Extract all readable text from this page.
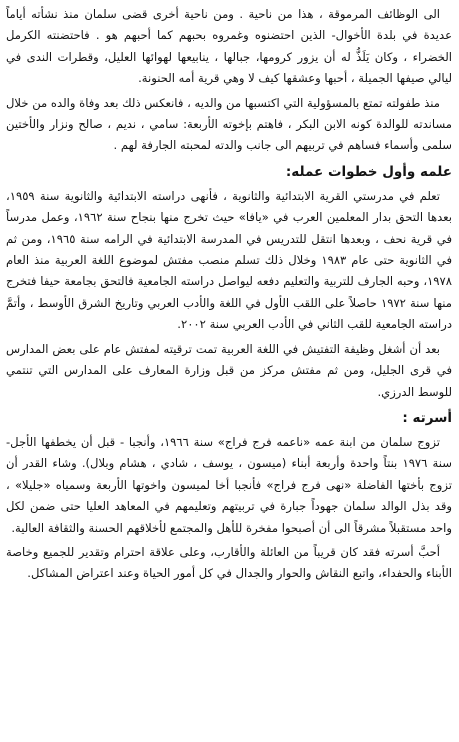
الى الوظائف المرموقة ، هذا من ناحية . ومن ناحية أخرى قضى سلمان منذ نشأته أياماً عديدة في بلدة الأخوال- الذين احتضنوه وغمروه بحبهم كما أحبهم هو . فاحتضنته الكرمل الخضراء ، وكان يَلَذُّ له أن يزور كرومها، جبالها ، ينابيعها لهوائها العليل، وقطرات الندى في ليالي صيفها الجميلة ، أحبها وعشقها كيف لا وهي قرية أمه الحنونة.

منذ طفولته تمتع بالمسؤولية التي اكتسبها من والديه ، فانعكس ذلك بعد وفاة والده من خلال مساندته للوالدة كونه الابن البكر ، فاهتم بإخوته الأربعة: سامي ، نديم ، صالح ونزار والأختين سلمى وأسماء فساهم في تربيهم الى جانب والدته لمحبته الجارفة لهم .

علمه وأول خطوات عمله:

تعلم في مدرستي القرية الابتدائية والثانوية ، فأنهى دراسته الابتدائية والثانوية سنة ١٩٥٩، بعدها التحق بدار المعلمين العرب في «يافا» حيث تخرج منها بنجاح سنة ١٩٦٢، وعمل مدرساً في قرية نحف ، وبعدها انتقل للتدريس في المدرسة الابتدائية في الرامه سنة ١٩٦٥، ومن ثم في الثانوية حتى عام ١٩٨٣ وخلال ذلك تسلم منصب مفتش لموضوع اللغة العربية منذ العام ١٩٧٨، وحبه الجارف للتربية والتعليم دفعه ليواصل دراسته الجامعية فالتحق بجامعة حيفا فتخرج منها سنة ١٩٧٢ حاصلاً على اللقب الأول في اللغة والأدب العربي وتاريخ الشرق الأوسط ، وأتمَّ دراسته الجامعية للقب الثاني في الأدب العربي سنة ٢٠٠٢.

بعد أن أشغل وظيفة التفتيش في اللغة العربية تمت ترقيته لمفتش عام على بعض المدارس في قرى الجليل، ومن ثم مفتش مركز من قبل وزارة المعارف على المدارس التي تنتمي للوسط الدرزي.

أسرته :

تزوج سلمان من ابنة عمه «ناعمه فرج فراج» سنة ١٩٦٦، وأنجبا - قبل أن يخطفها الأجل- سنة ١٩٧٦ بنتاً واحدة وأربعة أبناء (ميسون ، يوسف ، شادي ، هشام وبلال). وشاء القدر أن تزوج بأختها الفاضلة «نهى فرج فراج» فأنجبا أخا لميسون واخوتها الأربعة وسمياه «جليلا» ، وقد بذل الوالد سلمان جهوداً جبارة في تربيتهم وتعليمهم في المعاهد العليا حتى ضمن لكل واحد مستقبلاً مشرقاً الى أن أصبحوا مفخرة للأهل والمجتمع لأخلاقهم الحسنة والثقافة العالية.

أحبَّ أسرته فقد كان قريباً من العائلة والأقارب، وعلى علاقة احترام وتقدير للجميع وخاصة الأبناء والحفداء، واتبع النقاش والحوار والجدال في كل أمور الحياة وعند اعتراض المشاكل.
